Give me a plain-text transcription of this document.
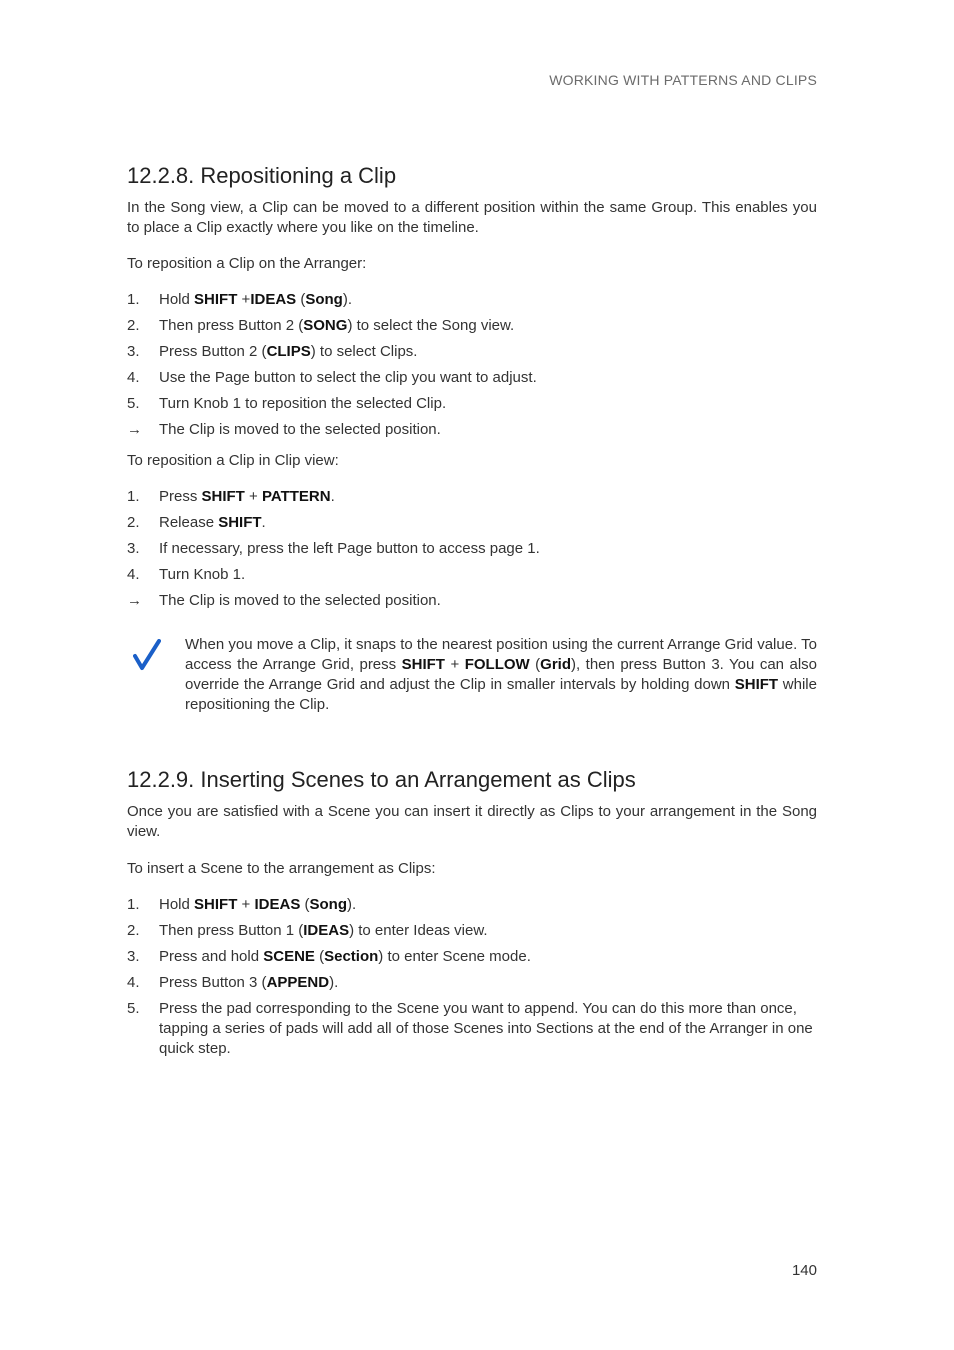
WORKING WITH PATTERNS AND CLIPS
12.2.8. Repositioning a Clip

In the Song view, a Clip can be moved to a different position within the same Group. This enables you to place a Clip exactly where you like on the timeline.

To reposition a Clip on the Arranger:

1.	Hold SHIFT +IDEAS (Song).
2.	Then press Button 2 (SONG) to select the Song view.
3.	Press Button 2 (CLIPS) to select Clips.
4.	Use the Page button to select the clip you want to adjust.
5.	Turn Knob 1 to reposition the selected Clip.
→	The Clip is moved to the selected position.

To reposition a Clip in Clip view:

1.	Press SHIFT + PATTERN.
2.	Release SHIFT.
3.	If necessary, press the left Page button to access page 1.
4.	Turn Knob 1.
→	The Clip is moved to the selected position.

When you move a Clip, it snaps to the nearest position using the current Arrange Grid value. To access the Arrange Grid, press SHIFT + FOLLOW (Grid), then press Button 3. You can also override the Arrange Grid and adjust the Clip in smaller intervals by holding down SHIFT while repositioning the Clip.

12.2.9. Inserting Scenes to an Arrangement as Clips

Once you are satisfied with a Scene you can insert it directly as Clips to your arrangement in the Song view.

To insert a Scene to the arrangement as Clips:

1.	Hold SHIFT + IDEAS (Song).
2.	Then press Button 1 (IDEAS) to enter Ideas view.
3.	Press and hold SCENE (Section) to enter Scene mode.
4.	Press Button 3 (APPEND).
5.	Press the pad corresponding to the Scene you want to append. You can do this more than once, tapping a series of pads will add all of those Scenes into Sections at the end of the Arranger in one quick step.
140
